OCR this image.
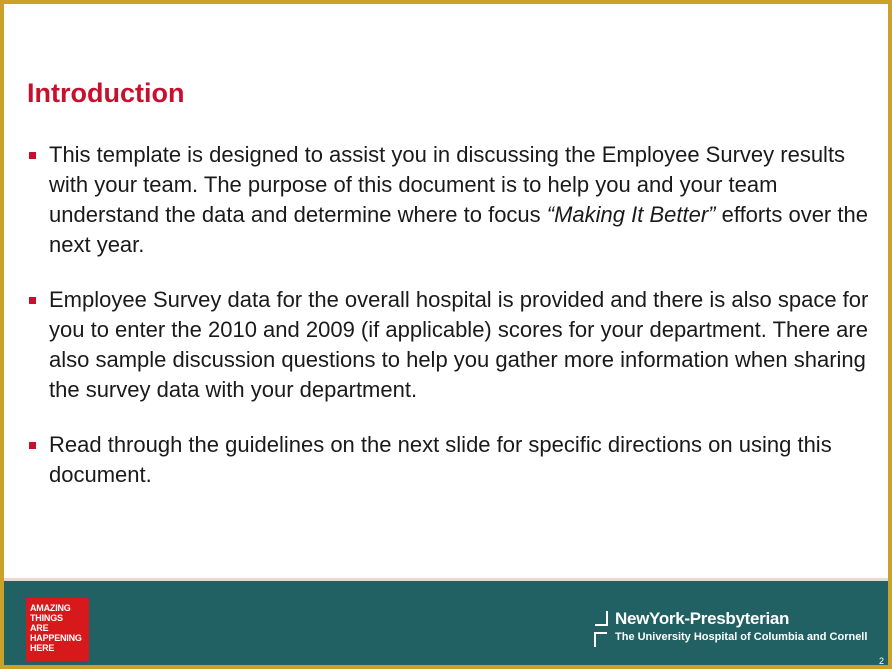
Introduction
This template is designed to assist you in discussing the Employee Survey results with your team. The purpose of this document is to help you and your team understand the data and determine where to focus “Making It Better” efforts over the next year.
Employee Survey data for the overall hospital is provided and there is also space for you to enter the 2010 and 2009 (if applicable) scores for your department. There are also sample discussion questions to help you gather more information when sharing the survey data with your department.
Read through the guidelines on the next slide for specific directions on using this document.
AMAZING
THINGS
ARE
HAPPENING
HERE
NewYork-Presbyterian
The University Hospital of Columbia and Cornell
2
